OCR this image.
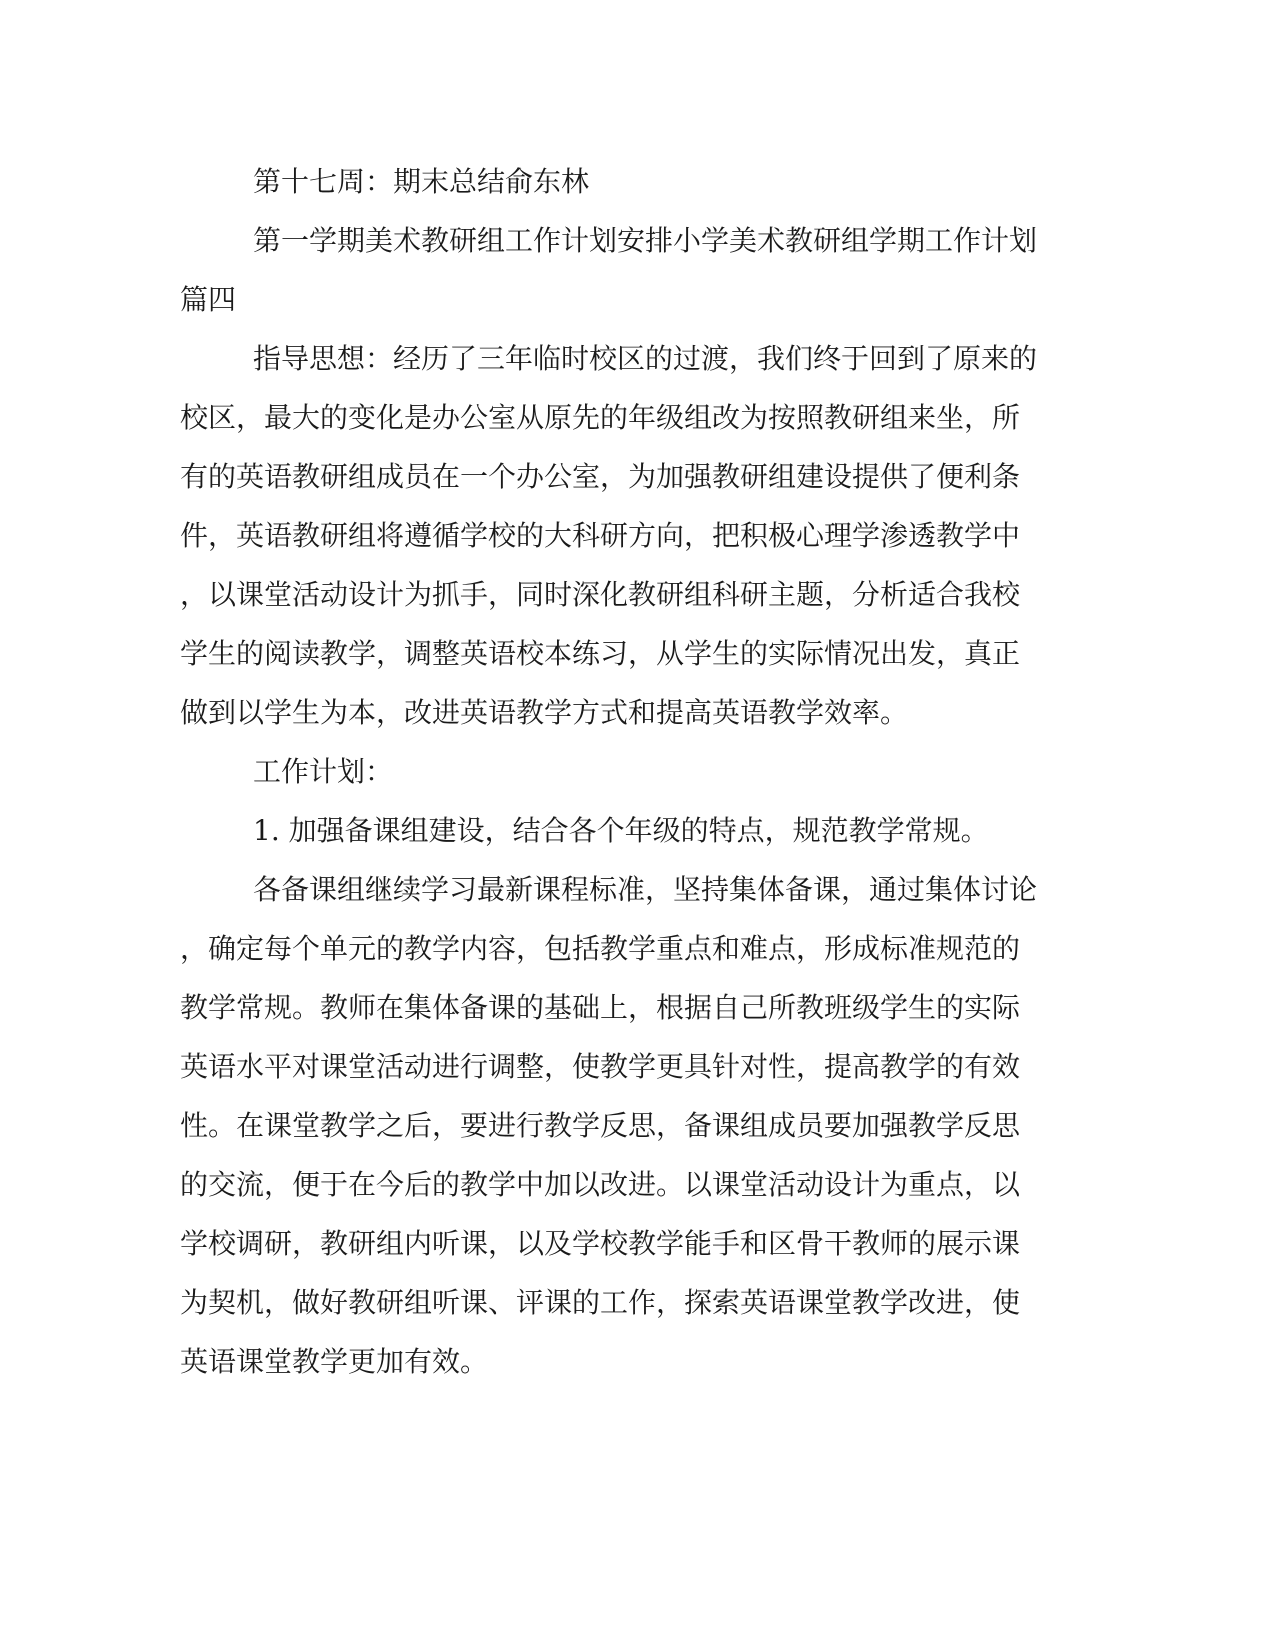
第十七周：期末总结俞东林
第一学期美术教研组工作计划安排小学美术教研组学期工作计划
篇四
指导思想：经历了三年临时校区的过渡，我们终于回到了原来的
校区，最大的变化是办公室从原先的年级组改为按照教研组来坐，所
有的英语教研组成员在一个办公室，为加强教研组建设提供了便利条
件，英语教研组将遵循学校的大科研方向，把积极心理学渗透教学中
，以课堂活动设计为抓手，同时深化教研组科研主题，分析适合我校
学生的阅读教学，调整英语校本练习，从学生的实际情况出发，真正
做到以学生为本，改进英语教学方式和提高英语教学效率。
工作计划：
1. 加强备课组建设，结合各个年级的特点，规范教学常规。
各备课组继续学习最新课程标准，坚持集体备课，通过集体讨论
，确定每个单元的教学内容，包括教学重点和难点，形成标准规范的
教学常规。教师在集体备课的基础上，根据自己所教班级学生的实际
英语水平对课堂活动进行调整，使教学更具针对性，提高教学的有效
性。在课堂教学之后，要进行教学反思，备课组成员要加强教学反思
的交流，便于在今后的教学中加以改进。以课堂活动设计为重点，以
学校调研，教研组内听课，以及学校教学能手和区骨干教师的展示课
为契机，做好教研组听课、评课的工作，探索英语课堂教学改进，使
英语课堂教学更加有效。
